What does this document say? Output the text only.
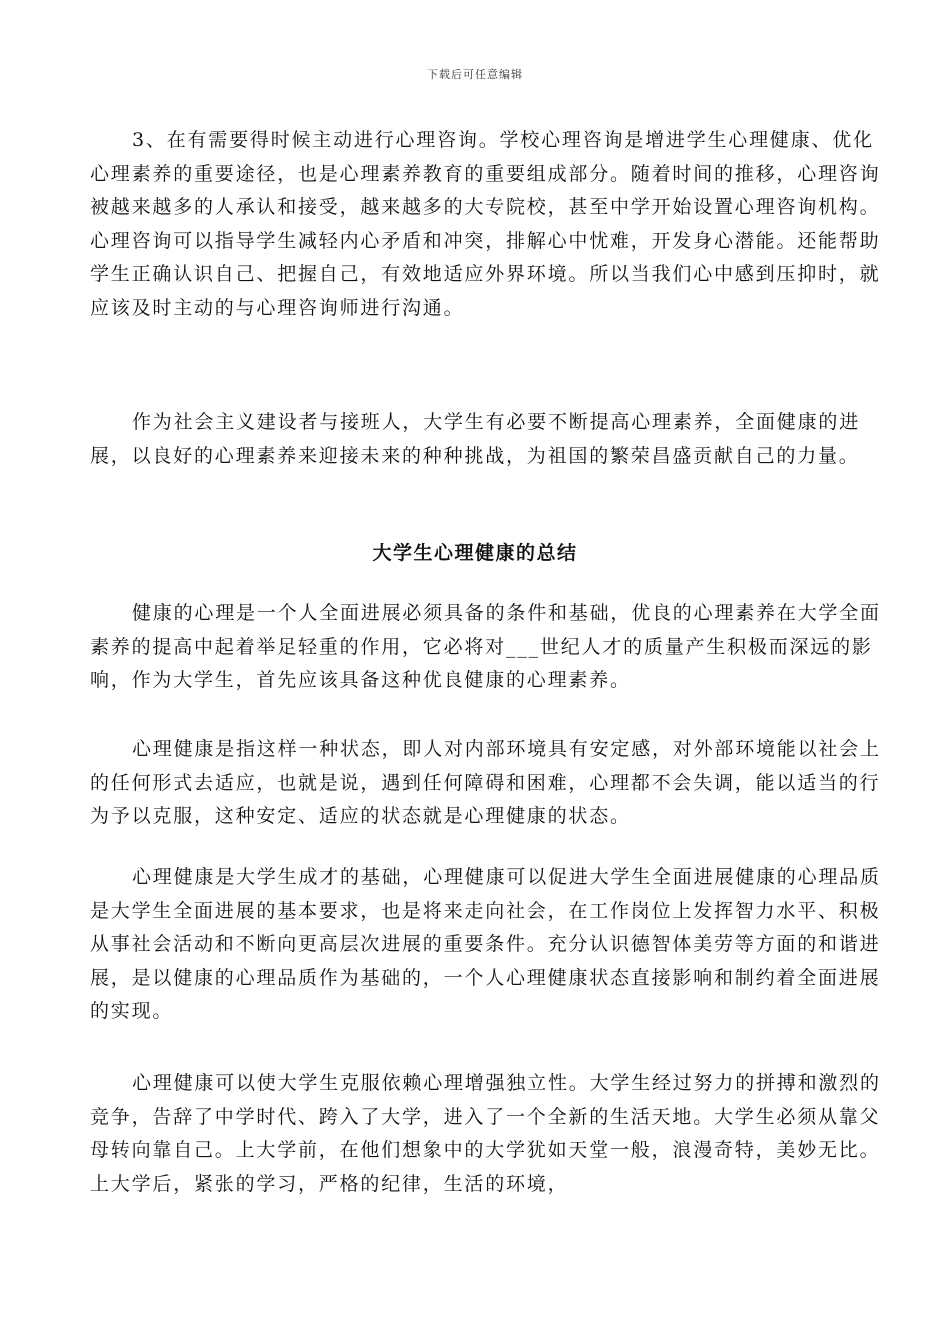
下载后可任意编辑

3、在有需要得时候主动进行心理咨询。学校心理咨询是增进学生心理健康、优化心理素养的重要途径，也是心理素养教育的重要组成部分。随着时间的推移，心理咨询被越来越多的人承认和接受，越来越多的大专院校，甚至中学开始设置心理咨询机构。心理咨询可以指导学生减轻内心矛盾和冲突，排解心中忧难，开发身心潜能。还能帮助学生正确认识自己、把握自己，有效地适应外界环境。所以当我们心中感到压抑时，就应该及时主动的与心理咨询师进行沟通。

作为社会主义建设者与接班人，大学生有必要不断提高心理素养，全面健康的进展，以良好的心理素养来迎接未来的种种挑战，为祖国的繁荣昌盛贡献自己的力量。

大学生心理健康的总结

健康的心理是一个人全面进展必须具备的条件和基础，优良的心理素养在大学全面素养的提高中起着举足轻重的作用，它必将对___世纪人才的质量产生积极而深远的影响，作为大学生，首先应该具备这种优良健康的心理素养。

心理健康是指这样一种状态，即人对内部环境具有安定感，对外部环境能以社会上的任何形式去适应，也就是说，遇到任何障碍和困难，心理都不会失调，能以适当的行为予以克服，这种安定、适应的状态就是心理健康的状态。

心理健康是大学生成才的基础，心理健康可以促进大学生全面进展健康的心理品质是大学生全面进展的基本要求，也是将来走向社会，在工作岗位上发挥智力水平、积极从事社会活动和不断向更高层次进展的重要条件。充分认识德智体美劳等方面的和谐进展，是以健康的心理品质作为基础的，一个人心理健康状态直接影响和制约着全面进展的实现。

心理健康可以使大学生克服依赖心理增强独立性。大学生经过努力的拼搏和激烈的竞争，告辞了中学时代、跨入了大学，进入了一个全新的生活天地。大学生必须从靠父母转向靠自己。上大学前，在他们想象中的大学犹如天堂一般，浪漫奇特，美妙无比。上大学后，紧张的学习，严格的纪律，生活的环境，
